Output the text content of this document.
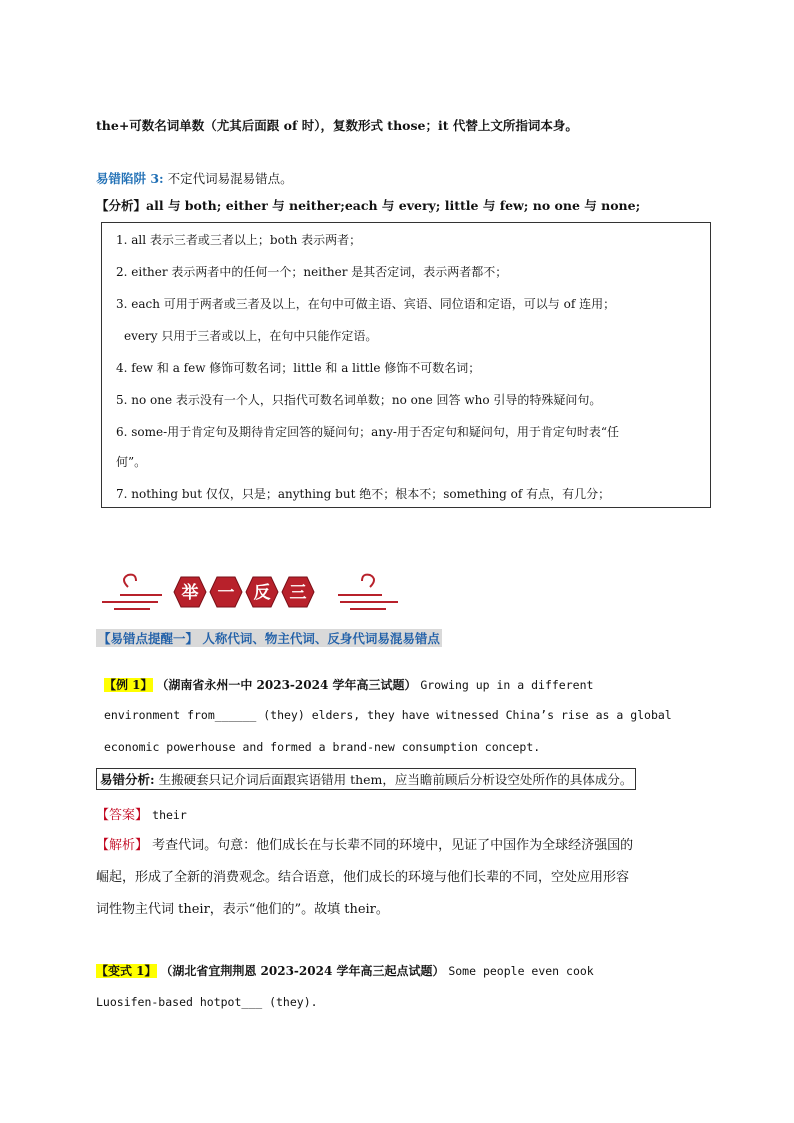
the+可数名词单数（尤其后面跟 of 时），复数形式 those；it 代替上文所指词本身。
易错陷阱 3: 不定代词易混易错点。
【分析】all 与 both; either 与 neither;each 与 every; little 与 few; no one 与 none;
1. all 表示三者或三者以上；both 表示两者；
2. either 表示两者中的任何一个；neither 是其否定词，表示两者都不；
3. each 可用于两者或三者及以上，在句中可做主语、宾语、同位语和定语，可以与 of 连用；
every 只用于三者或以上，在句中只能作定语。
4. few 和 a few 修饰可数名词；little 和 a little 修饰不可数名词；
5. no one 表示没有一个人，只指代可数名词单数；no one 回答 who 引导的特殊疑问句。
6. some-用于肯定句及期待肯定回答的疑问句；any-用于否定句和疑问句，用于肯定句时表“任
何”。
7. nothing but 仅仅，只是；anything but 绝不；根本不；something of 有点，有几分；
举 一 反 三
【易错点提醒一】 人称代词、物主代词、反身代词易混易错点
【例 1】 （湖南省永州一中 2023-2024 学年高三试题） Growing up in a different
environment from______ (they) elders, they have witnessed China’s rise as a global
economic powerhouse and formed a brand-new consumption concept.
易错分析: 生搬硬套只记介词后面跟宾语错用 them，应当瞻前顾后分析设空处所作的具体成分。
【答案】 their
【解析】 考查代词。句意：他们成长在与长辈不同的环境中，见证了中国作为全球经济强国的
崛起，形成了全新的消费观念。结合语意，他们成长的环境与他们长辈的不同，空处应用形容
词性物主代词 their，表示“他们的”。故填 their。
【变式 1】 （湖北省宜荆荆恩 2023-2024 学年高三起点试题） Some people even cook
Luosifen-based hotpot___ (they).
